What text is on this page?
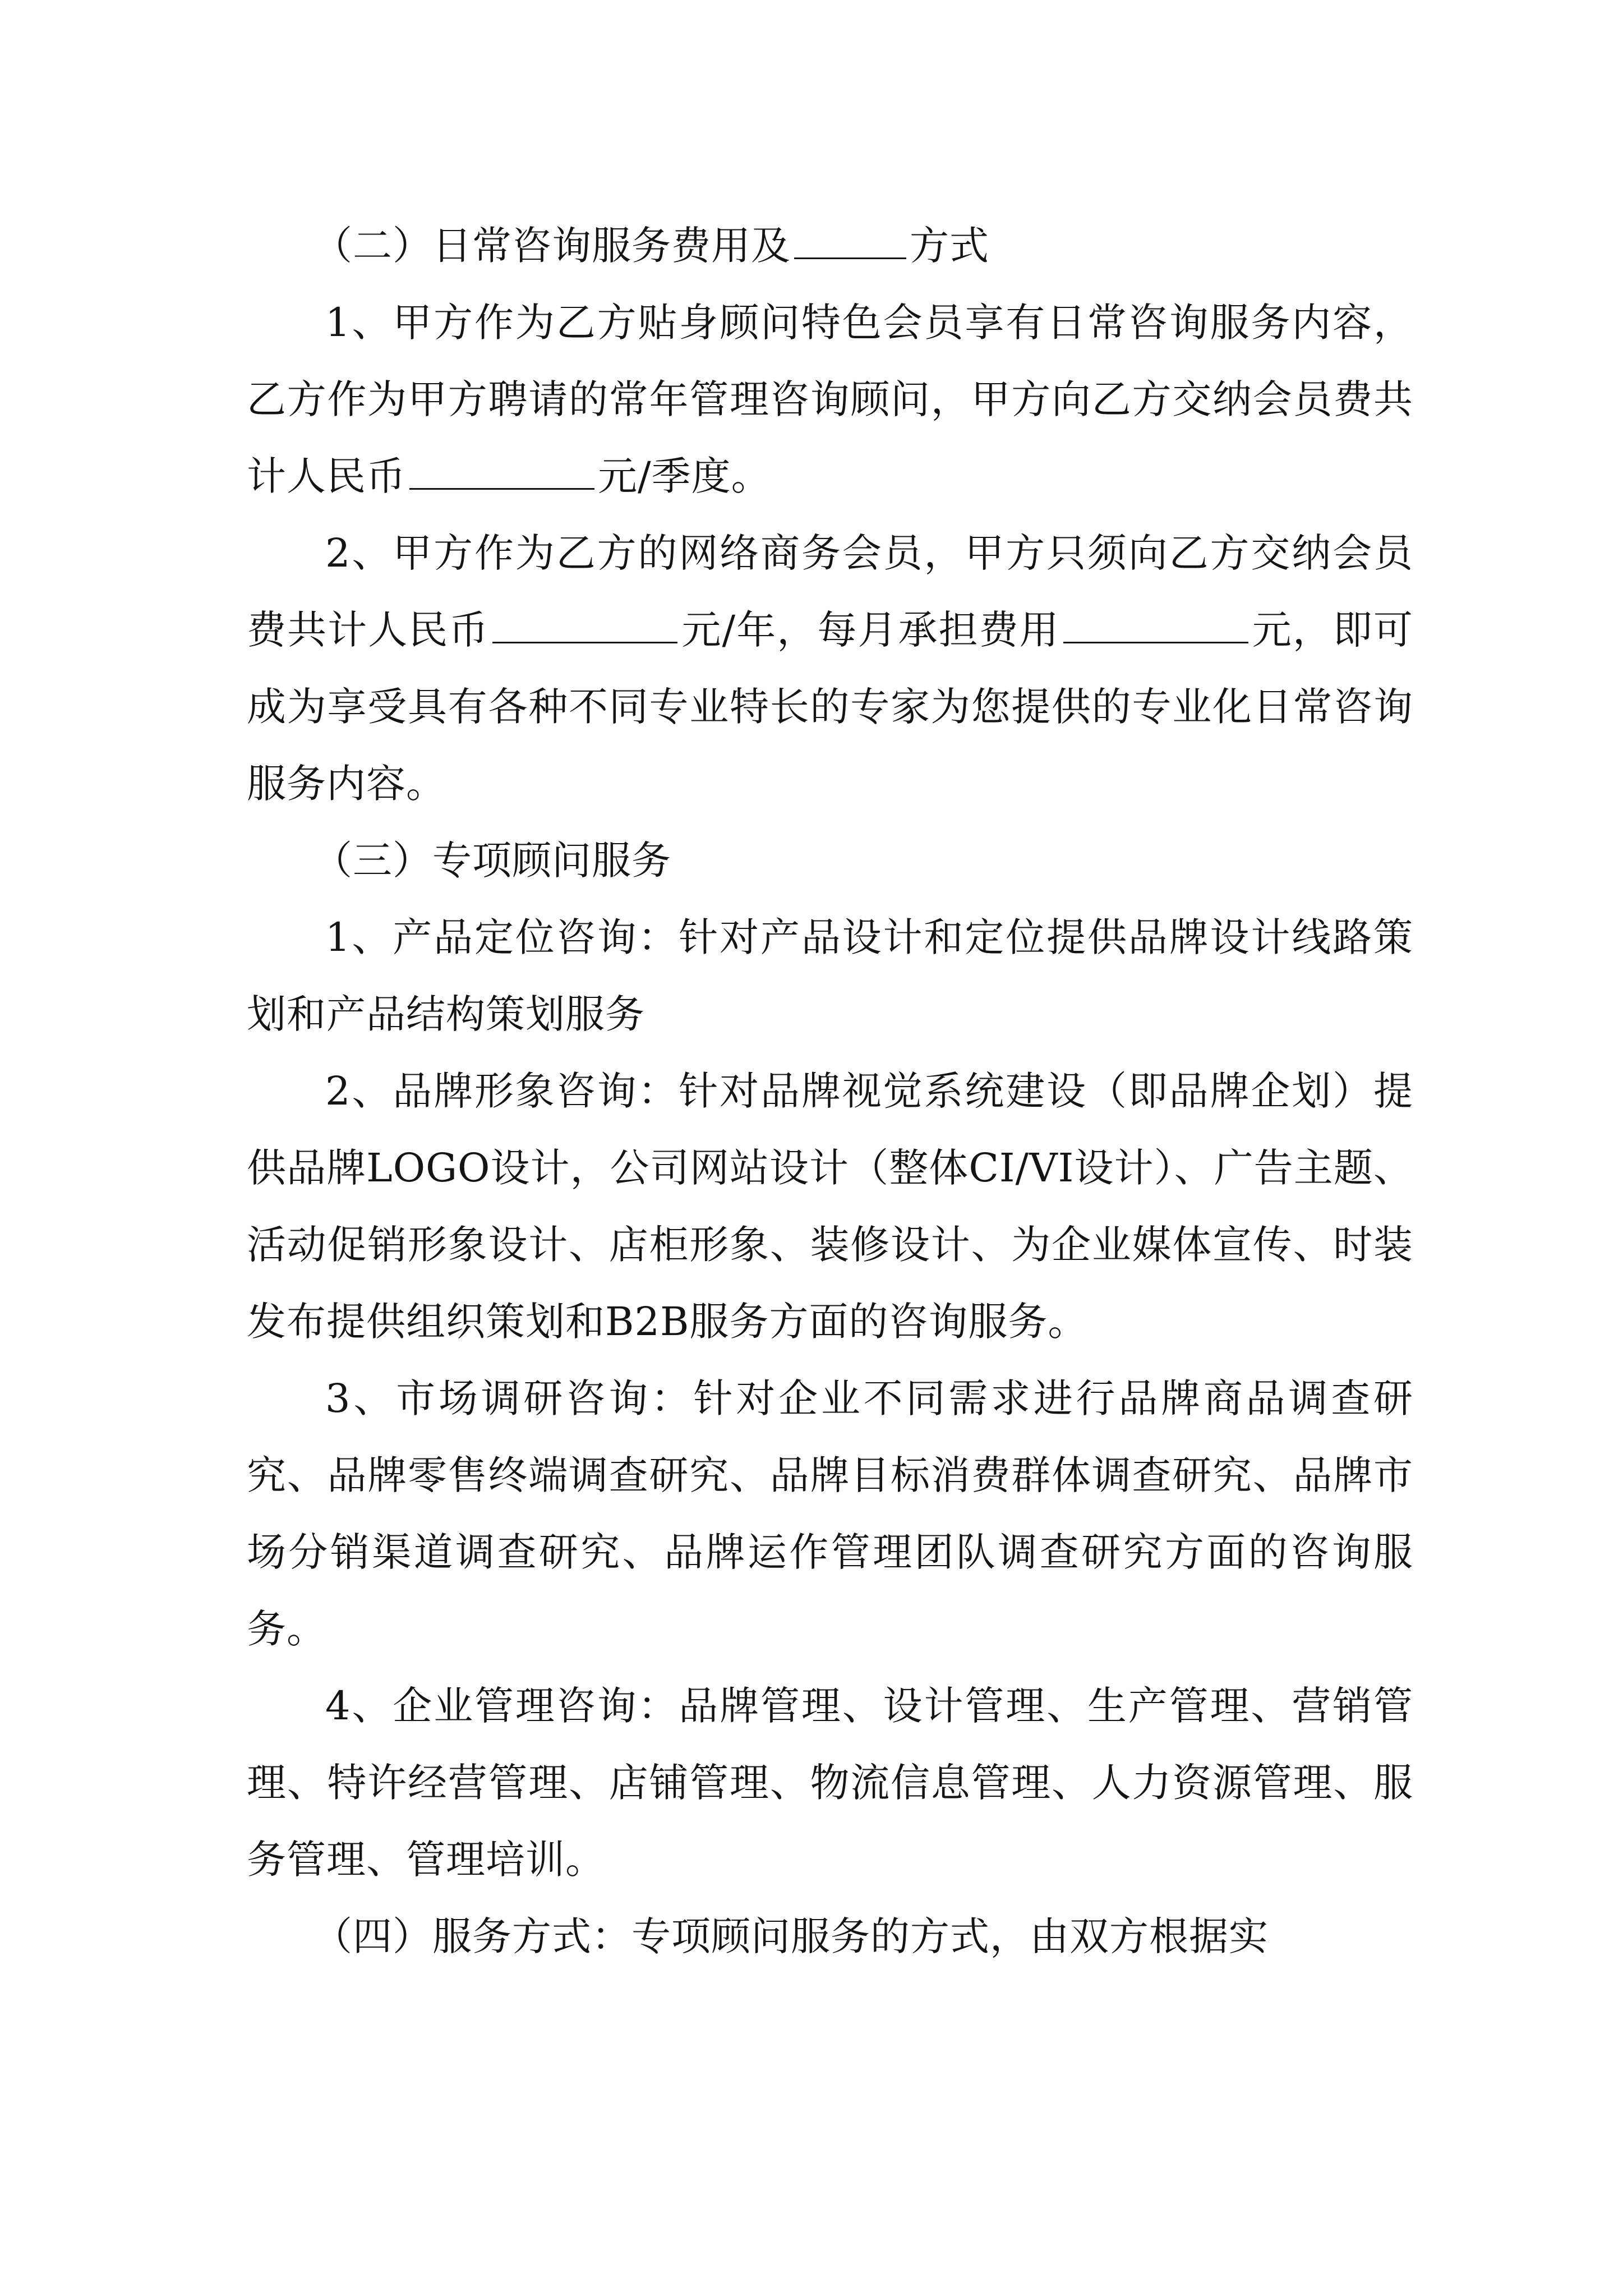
（二）日常咨询服务费用及	方式

1、甲方作为乙方贴身顾问特色会员享有日常咨询服务内容，乙方作为甲方聘请的常年管理咨询顾问，甲方向乙方交纳会员费共计人民币	元/季度。

2、甲方作为乙方的网络商务会员，甲方只须向乙方交纳会员费共计人民币	元/年，每月承担费用	元，即可成为享受具有各种不同专业特长的专家为您提供的专业化日常咨询服务内容。

（三）专项顾问服务

1、产品定位咨询：针对产品设计和定位提供品牌设计线路策划和产品结构策划服务

2、品牌形象咨询：针对品牌视觉系统建设（即品牌企划）提供品牌LOGO设计，公司网站设计（整体CI/VI设计）、广告主题、活动促销形象设计、店柜形象、装修设计、为企业媒体宣传、时装发布提供组织策划和B2B服务方面的咨询服务。

3、市场调研咨询：针对企业不同需求进行品牌商品调查研究、品牌零售终端调查研究、品牌目标消费群体调查研究、品牌市场分销渠道调查研究、品牌运作管理团队调查研究方面的咨询服务。

4、企业管理咨询：品牌管理、设计管理、生产管理、营销管理、特许经营管理、店铺管理、物流信息管理、人力资源管理、服务管理、管理培训。

（四）服务方式：专项顾问服务的方式，由双方根据实
